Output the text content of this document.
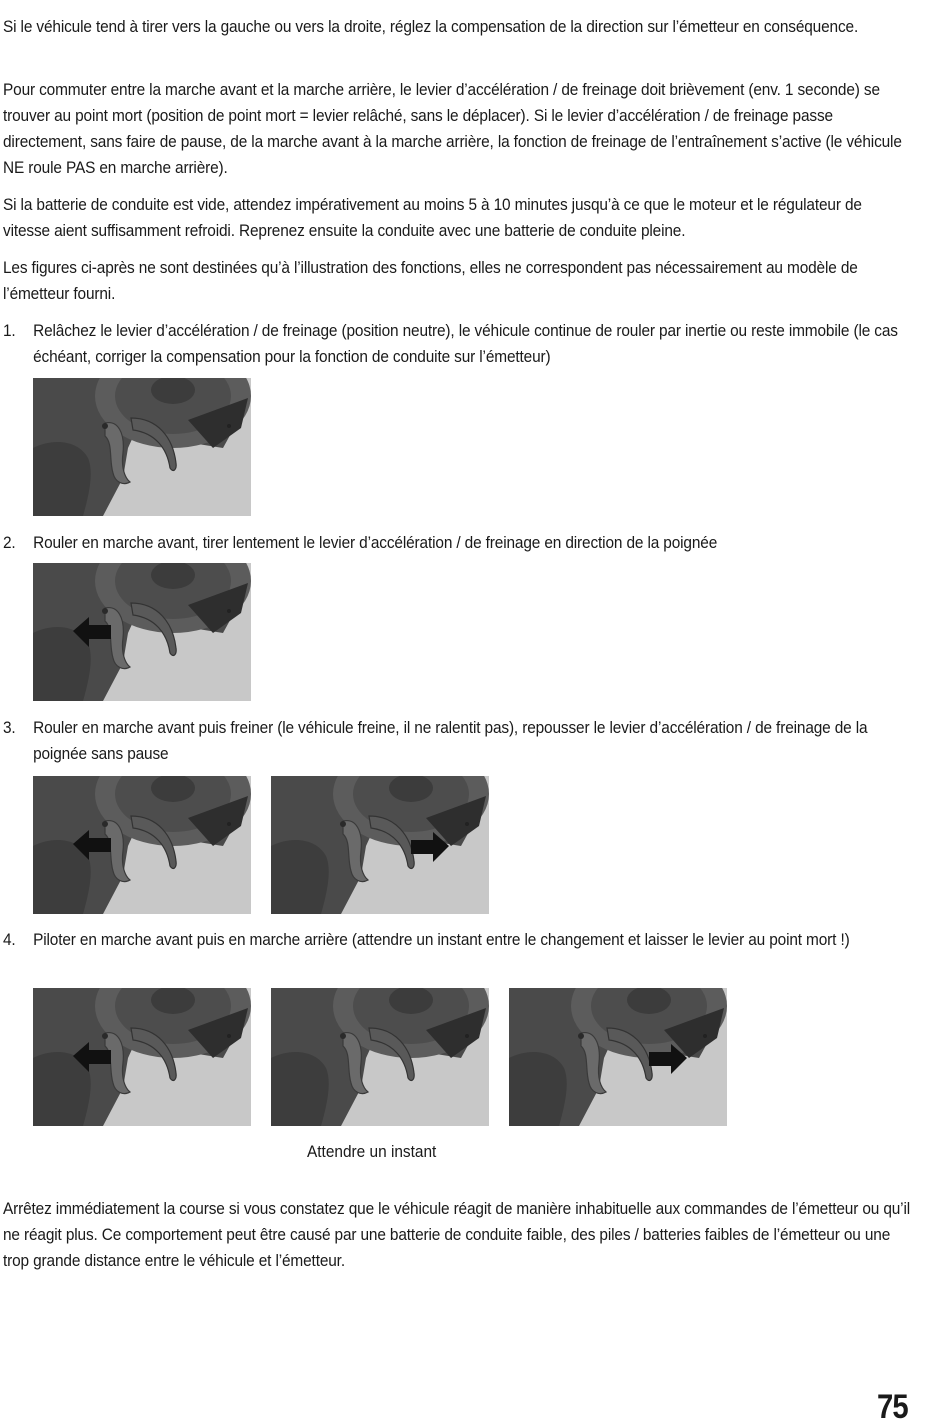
Si le véhicule tend à tirer vers la gauche ou vers la droite, réglez la compensation de la direction sur l’émetteur en conséquence.

Pour commuter entre la marche avant et la marche arrière, le levier d’accélération / de freinage doit brièvement (env. 1 seconde) se trouver au point mort (position de point mort = levier relâché, sans le déplacer). Si le levier d’accélération / de freinage passe directement, sans faire de pause, de la marche avant à la marche arrière, la fonction de freinage de l’entraînement s’active (le véhicule NE roule PAS en marche arrière).

Si la batterie de conduite est vide, attendez impérativement au moins 5 à 10 minutes jusqu’à ce que le moteur et le régulateur de vitesse aient suffisamment refroidi. Reprenez ensuite la conduite avec une batterie de conduite pleine.

Les figures ci-après ne sont destinées qu’à l’illustration des fonctions, elles ne correspondent pas nécessairement au modèle de l’émetteur fourni.

1. Relâchez le levier d’accélération / de freinage (position neutre), le véhicule continue de rouler par inertie ou reste immobile (le cas échéant, corriger la compensation pour la fonction de conduite sur l’émetteur)
2. Rouler en marche avant, tirer lentement le levier d’accélération / de freinage en direction de la poignée
3. Rouler en marche avant puis freiner (le véhicule freine, il ne ralentit pas), repousser le levier d’accélération / de freinage de la poignée sans pause
4. Piloter en marche avant puis en marche arrière (attendre un instant entre le changement et laisser le levier au point mort !)
Attendre un instant

Arrêtez immédiatement la course si vous constatez que le véhicule réagit de manière inhabituelle aux commandes de l’émetteur ou qu’il ne réagit plus. Ce comportement peut être causé par une batterie de conduite faible, des piles / batteries faibles de l’émetteur ou une trop grande distance entre le véhicule et l’émetteur.

75
